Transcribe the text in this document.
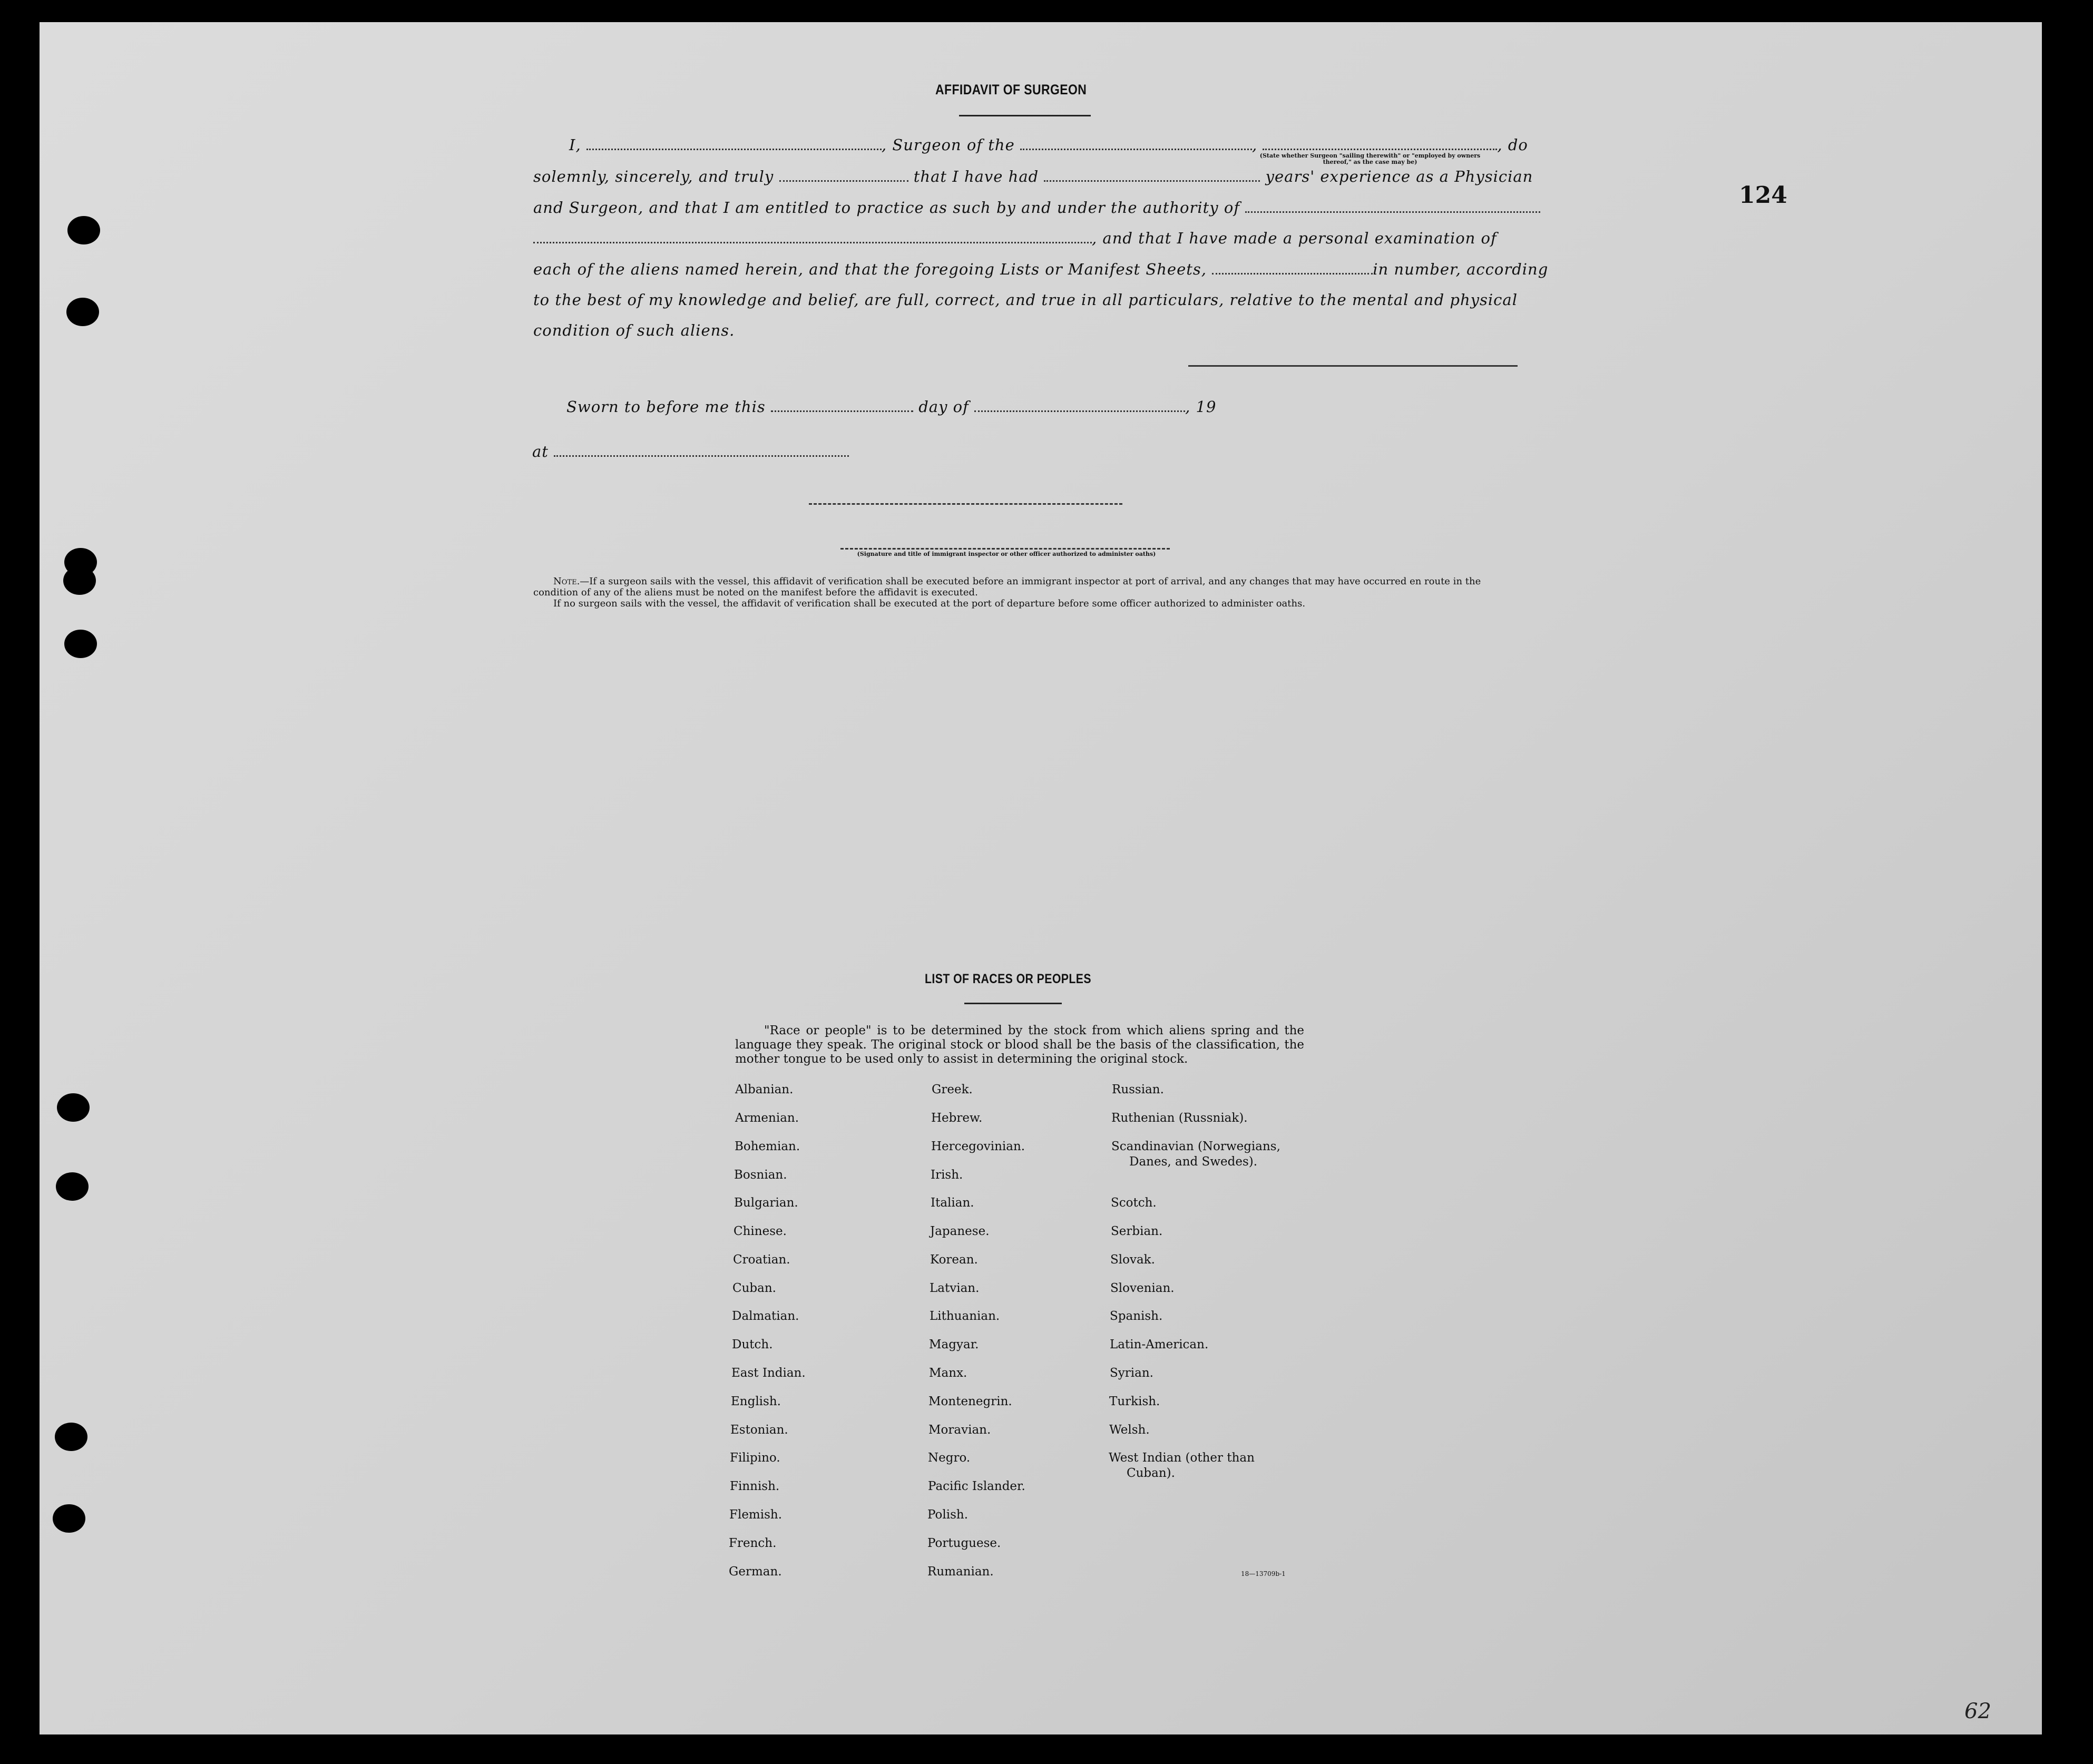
124
AFFIDAVIT OF SURGEON
I,	, Surgeon of the	,	, do
(State whether Surgeon "sailing therewith" or "employed by owners thereof," as the case may be)
solemnly, sincerely, and truly	that I have had	years' experience as a Physician
and Surgeon, and that I am entitled to practice as such by and under the authority of
, and that I have made a personal examination of
each of the aliens named herein, and that the foregoing Lists or Manifest Sheets,	in number, according
to the best of my knowledge and belief, are full, correct, and true in all particulars, relative to the mental and physical
condition of such aliens.
Sworn to before me this	day of	, 19
at
(Signature and title of immigrant inspector or other officer authorized to administer oaths)
Note.—If a surgeon sails with the vessel, this affidavit of verification shall be executed before an immigrant inspector at port of arrival, and any changes that may have occurred en route in the condition of any of the aliens must be noted on the manifest before the affidavit is executed.
If no surgeon sails with the vessel, the affidavit of verification shall be executed at the port of departure before some officer authorized to administer oaths.
LIST OF RACES OR PEOPLES
"Race or people" is to be determined by the stock from which aliens spring and the language they speak. The original stock or blood shall be the basis of the classification, the mother tongue to be used only to assist in determining the original stock.
Albanian.
Armenian.
Bohemian.
Bosnian.
Bulgarian.
Chinese.
Croatian.
Cuban.
Dalmatian.
Dutch.
East Indian.
English.
Estonian.
Filipino.
Finnish.
Flemish.
French.
German.
Greek.
Hebrew.
Hercegovinian.
Irish.
Italian.
Japanese.
Korean.
Latvian.
Lithuanian.
Magyar.
Manx.
Montenegrin.
Moravian.
Negro.
Pacific Islander.
Polish.
Portuguese.
Rumanian.
Russian.
Ruthenian (Russniak).
Scandinavian (Norwegians,
Danes, and Swedes).
Scotch.
Serbian.
Slovak.
Slovenian.
Spanish.
Latin-American.
Syrian.
Turkish.
Welsh.
West Indian (other than
Cuban).
18—13709b-1
62
